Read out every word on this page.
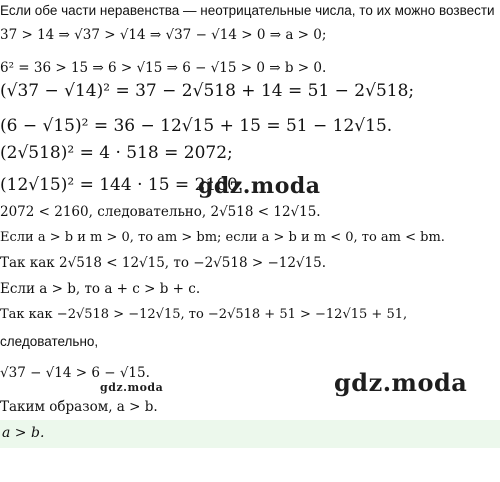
Если обе части неравенства — неотрицательные числа, то их можно возвести
37 > 14 ⇒ √37 > √14 ⇒ √37 − √14 > 0 ⇒ a > 0;
6² = 36 > 15 ⇒ 6 > √15 ⇒ 6 − √15 > 0 ⇒ b > 0.
(√37 − √14)² = 37 − 2√518 + 14 = 51 − 2√518;
(6 − √15)² = 36 − 12√15 + 15 = 51 − 12√15.
(2√518)² = 4 · 518 = 2072;
(12√15)² = 144 · 15 = 2160.
2072 < 2160, следовательно, 2√518 < 12√15.
Если a > b и m > 0, то am > bm; если a > b и m < 0, то am < bm.
Так как 2√518 < 12√15, то −2√518 > −12√15.
Если a > b, то a + c > b + c.
Так как −2√518 > −12√15, то −2√518 + 51 > −12√15 + 51,
следовательно,
√37 − √14 > 6 − √15.
Таким образом, a > b.
gdz.moda
gdz.moda	gdz.moda
a > b.
